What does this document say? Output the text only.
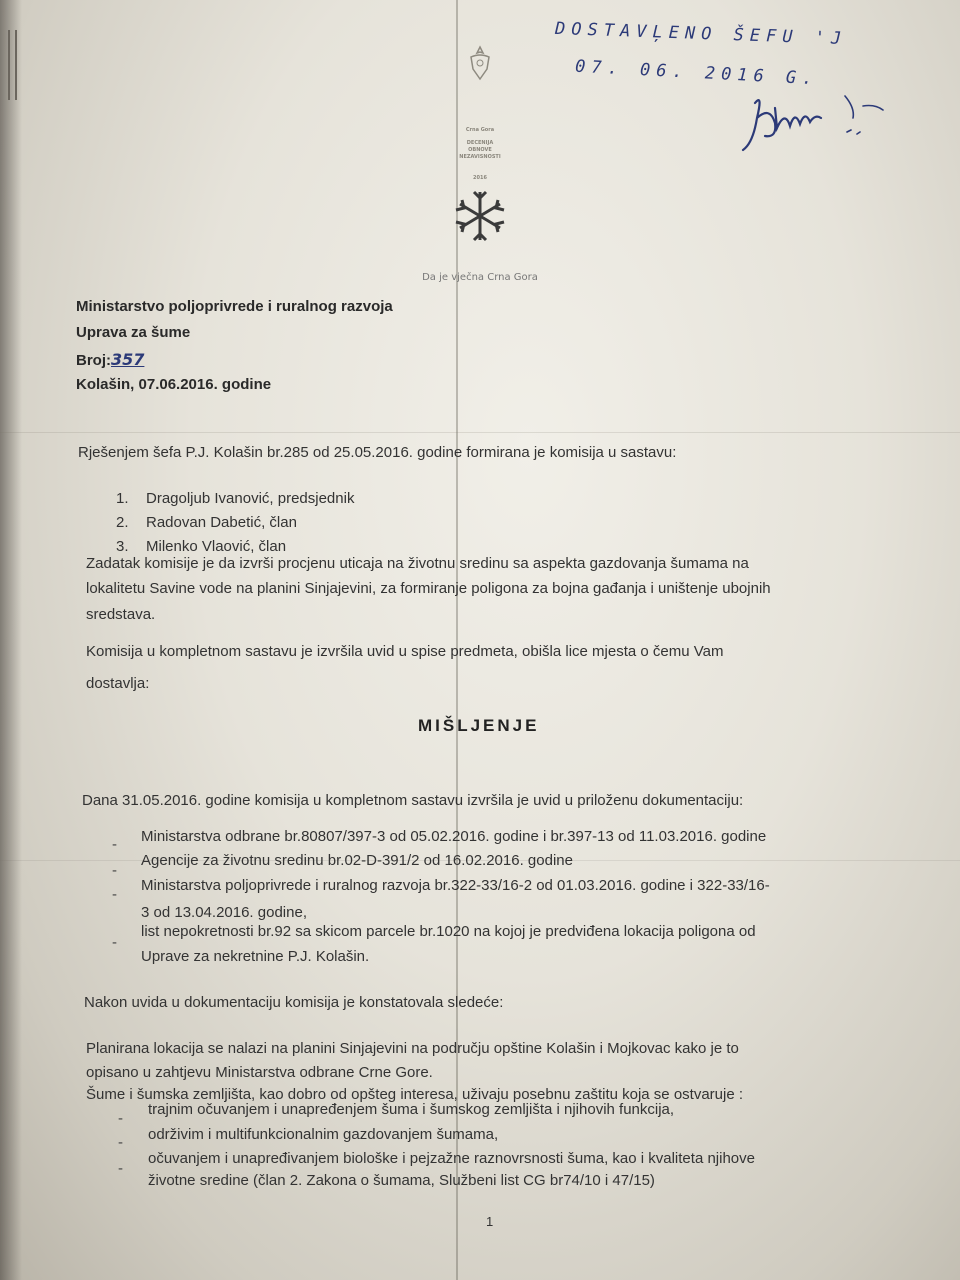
DOSTAVĻENO ŠEFU 'J
07. 06. 2016 G.
Crna Gora
DECENIJA
OBNOVE
NEZAVISNOSTI
2016
Da je vječna Crna Gora
Ministarstvo poljoprivrede i ruralnog razvoja
Uprava za šume
Broj:357
Kolašin, 07.06.2016. godine
Rješenjem šefa P.J. Kolašin br.285 od 25.05.2016. godine formirana je komisija u sastavu:
1. Dragoljub Ivanović, predsjednik
2. Radovan Dabetić, član
3. Milenko Vlaović, član
Zadatak komisije je da izvrši procjenu uticaja na životnu sredinu sa aspekta gazdovanja šumama na
lokalitetu Savine vode na planini Sinjajevini, za formiranje poligona za bojna gađanja i uništenje ubojnih
sredstava.
Komisija u kompletnom sastavu je izvršila uvid u spise predmeta, obišla lice mjesta o čemu Vam
dostavlja:
MIŠLJENJE
Dana 31.05.2016. godine komisija u kompletnom sastavu izvršila je uvid u priloženu dokumentaciju:
- Ministarstva odbrane br.80807/397-3 od 05.02.2016. godine i br.397-13 od 11.03.2016. godine
-
Agencije za životnu sredinu br.02-D-391/2 od 16.02.2016. godine
-
Ministarstva poljoprivrede i ruralnog razvoja br.322-33/16-2 od 01.03.2016. godine i 322-33/16-
3 od 13.04.2016. godine,
-
list nepokretnosti br.92 sa skicom parcele br.1020 na kojoj je predviđena lokacija poligona od
Uprave za nekretnine P.J. Kolašin.
Nakon uvida u dokumentaciju komisija je konstatovala sledeće:
Planirana lokacija se nalazi na planini Sinjajevini na području opštine Kolašin i Mojkovac kako je to
opisano u zahtjevu Ministarstva odbrane Crne Gore.
Šume i šumska zemljišta, kao dobro od opšteg interesa, uživaju posebnu zaštitu koja se ostvaruje :
-
trajnim očuvanjem i unapređenjem šuma i šumskog zemljišta i njihovih funkcija,
- održivim i multifunkcionalnim gazdovanjem šumama,
-
očuvanjem i unapređivanjem biološke i pejzažne raznovrsnosti šuma, kao i kvaliteta njihove
životne sredine (član 2. Zakona o šumama, Službeni list CG br74/10 i 47/15)
1
